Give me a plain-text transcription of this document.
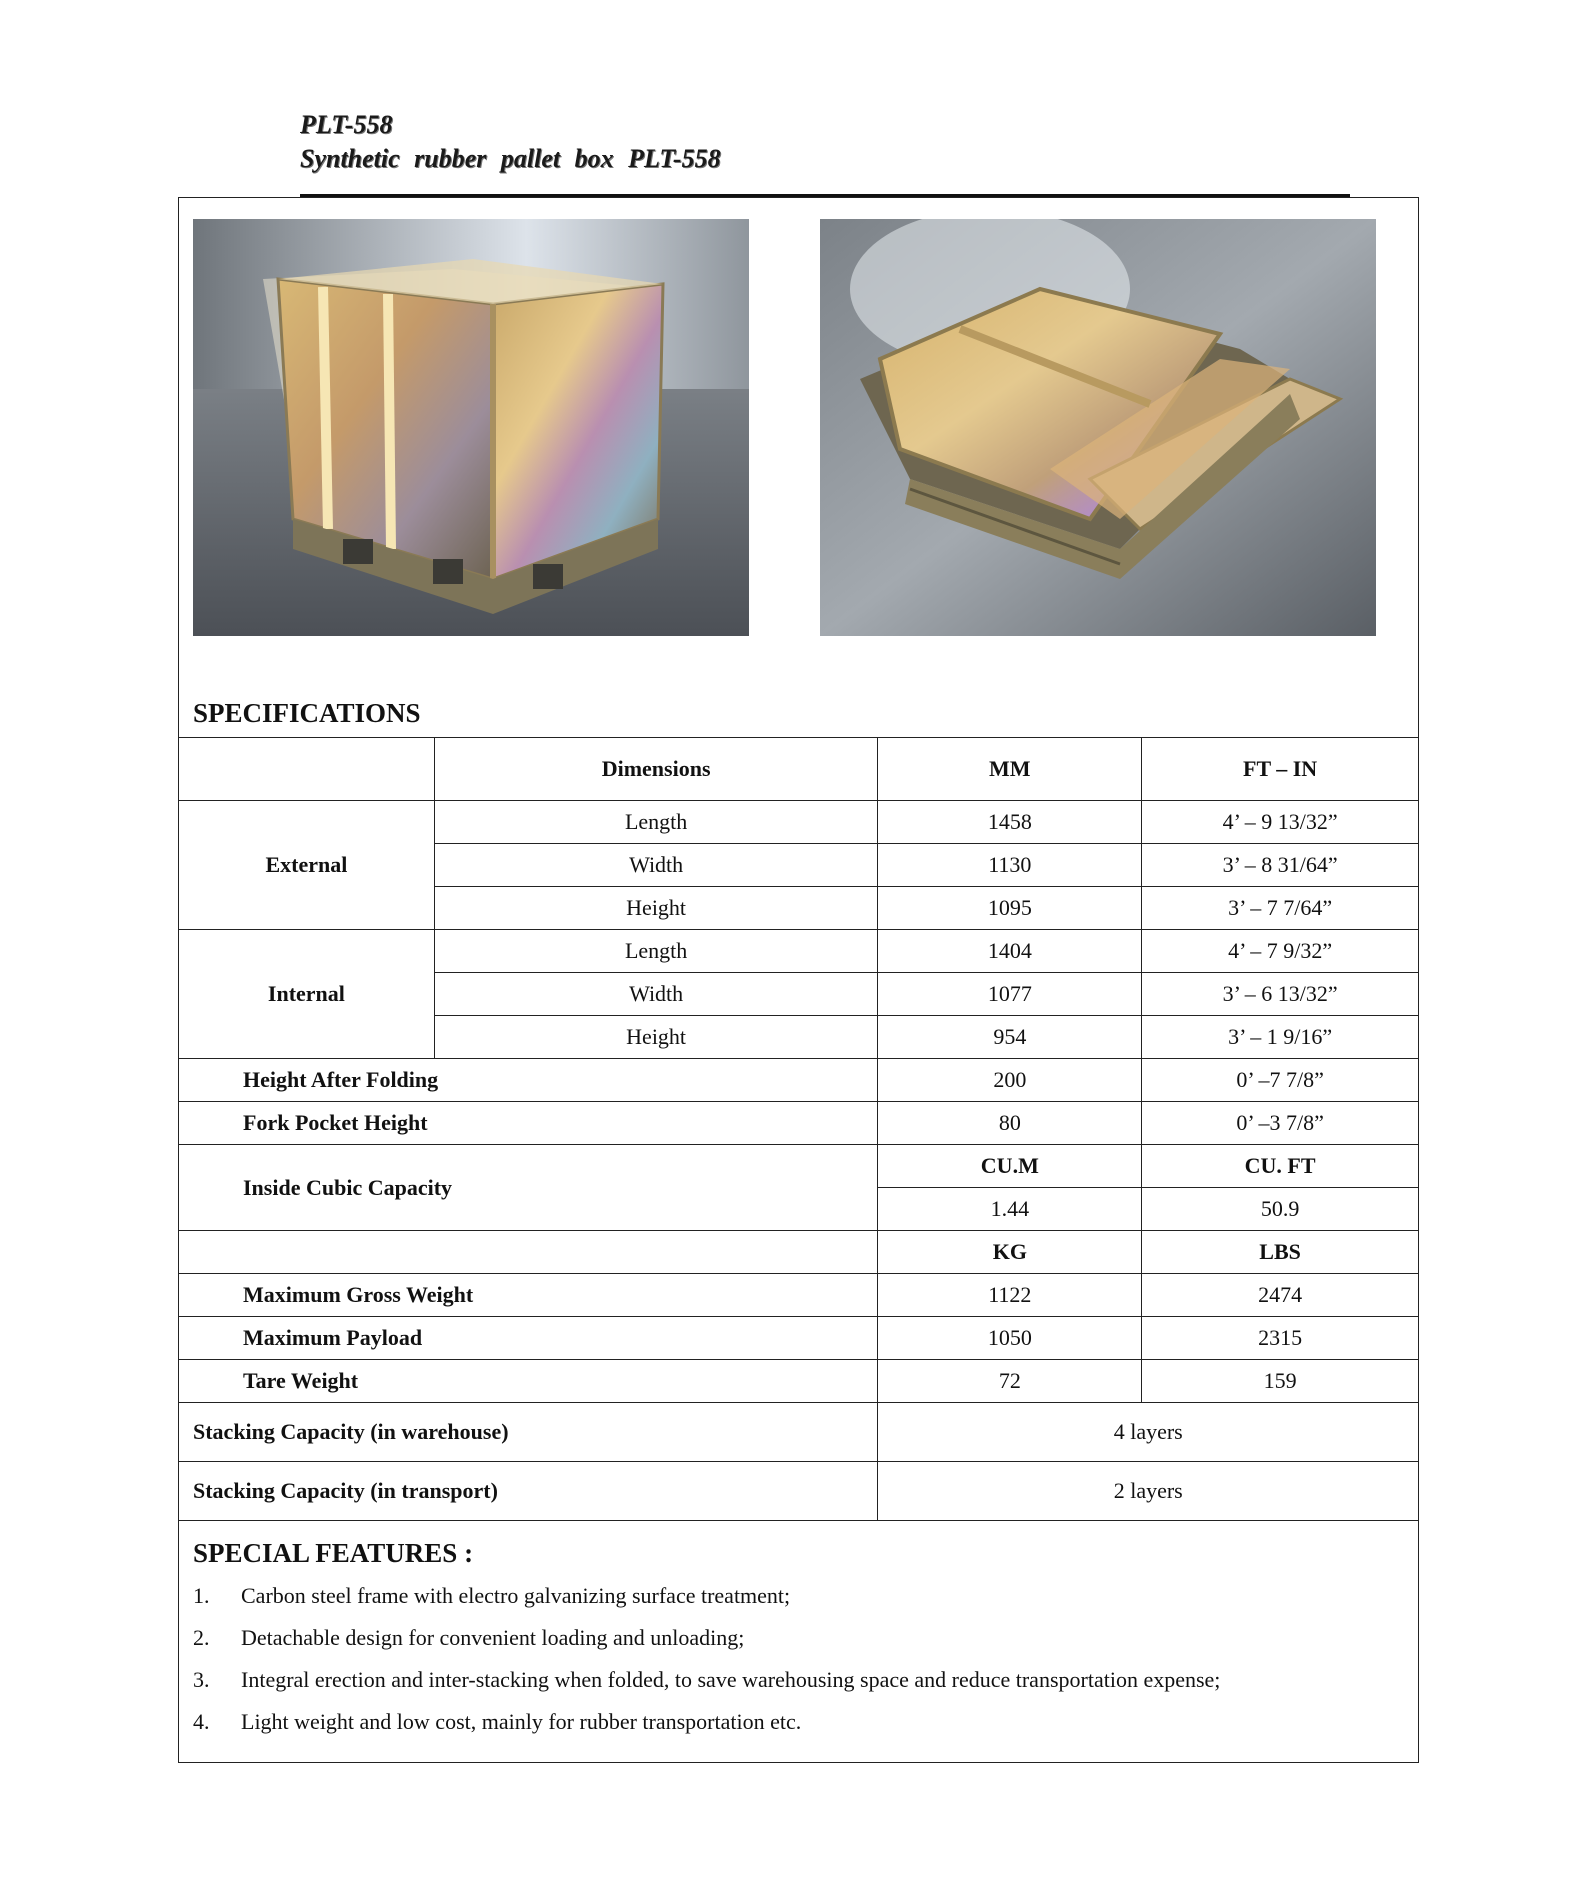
PLT-558
Synthetic rubber pallet box PLT-558
SPECIFICATIONS
	Dimensions	MM	FT – IN
External	Length	1458	4’ – 9 13/32”
	Width	1130	3’ – 8 31/64”
	Height	1095	3’ – 7 7/64”
Internal	Length	1404	4’ – 7 9/32”
	Width	1077	3’ – 6 13/32”
	Height	954	3’ – 1 9/16”
Height After Folding		200	0’ –7 7/8”
Fork Pocket Height		80	0’ –3 7/8”
Inside Cubic Capacity		CU.M	CU. FT
		1.44	50.9
		KG	LBS
Maximum Gross Weight		1122	2474
Maximum Payload		1050	2315
Tare Weight		72	159
Stacking Capacity (in warehouse)		4 layers	
Stacking Capacity (in transport)		2 layers	
SPECIAL FEATURES :
1.	Carbon steel frame with electro galvanizing surface treatment;
2.	Detachable design for convenient loading and unloading;
3.	Integral erection and inter-stacking when folded, to save warehousing space and reduce transportation expense;
4.	Light weight and low cost, mainly for rubber transportation etc.
